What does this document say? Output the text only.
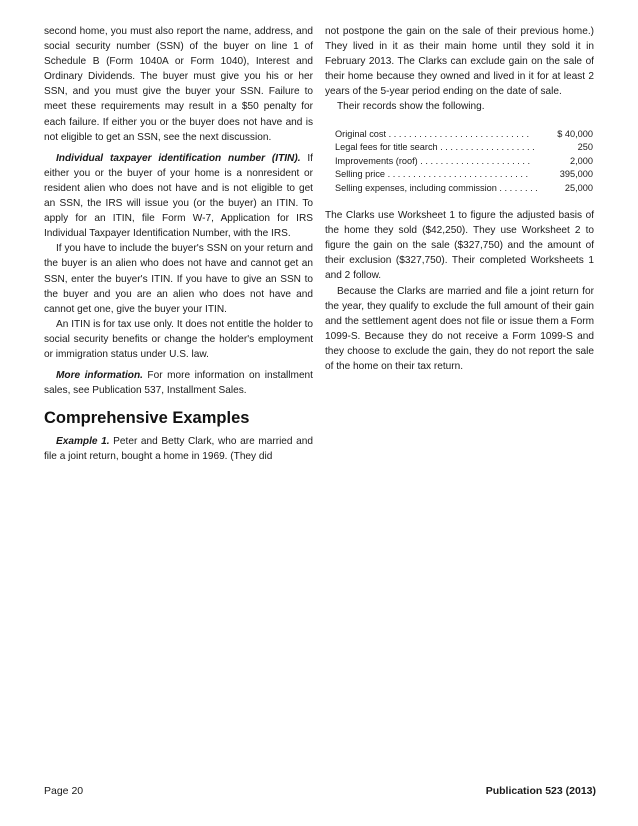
second home, you must also report the name, address, and social security number (SSN) of the buyer on line 1 of Schedule B (Form 1040A or Form 1040), Interest and Ordinary Dividends. The buyer must give you his or her SSN, and you must give the buyer your SSN. Failure to meet these requirements may result in a $50 penalty for each failure. If either you or the buyer does not have and is not eligible to get an SSN, see the next discussion.

Individual taxpayer identification number (ITIN). If either you or the buyer of your home is a nonresident or resident alien who does not have and is not eligible to get an SSN, the IRS will issue you (or the buyer) an ITIN. To apply for an ITIN, file Form W-7, Application for IRS Individual Taxpayer Identification Number, with the IRS.

If you have to include the buyer's SSN on your return and the buyer is an alien who does not have and cannot get an SSN, enter the buyer's ITIN. If you have to give an SSN to the buyer and you are an alien who does not have and cannot get one, give the buyer your ITIN.

An ITIN is for tax use only. It does not entitle the holder to social security benefits or change the holder's employment or immigration status under U.S. law.

More information. For more information on installment sales, see Publication 537, Installment Sales.

Comprehensive Examples

Example 1. Peter and Betty Clark, who are married and file a joint return, bought a home in 1969. (They did

not postpone the gain on the sale of their previous home.) They lived in it as their main home until they sold it in February 2013. The Clarks can exclude gain on the sale of their home because they owned and lived in it for at least 2 years of the 5-year period ending on the date of sale.

Their records show the following.

Original cost . . . . . . . . . . . . . . . . . . . . . . . . . . . .	$ 40,000
Legal fees for title search . . . . . . . . . . . . . . . . . . .	250
Improvements (roof) . . . . . . . . . . . . . . . . . . . . . .	2,000
Selling price . . . . . . . . . . . . . . . . . . . . . . . . . . . .	395,000
Selling expenses, including commission . . . . . . . .	25,000

The Clarks use Worksheet 1 to figure the adjusted basis of the home they sold ($42,250). They use Worksheet 2 to figure the gain on the sale ($327,750) and the amount of their exclusion ($327,750). Their completed Worksheets 1 and 2 follow.

Because the Clarks are married and file a joint return for the year, they qualify to exclude the full amount of their gain and the settlement agent does not file or issue them a Form 1099-S. Because they do not receive a Form 1099-S and they choose to exclude the gain, they do not report the sale of the home on their tax return.

Page 20	Publication 523 (2013)
